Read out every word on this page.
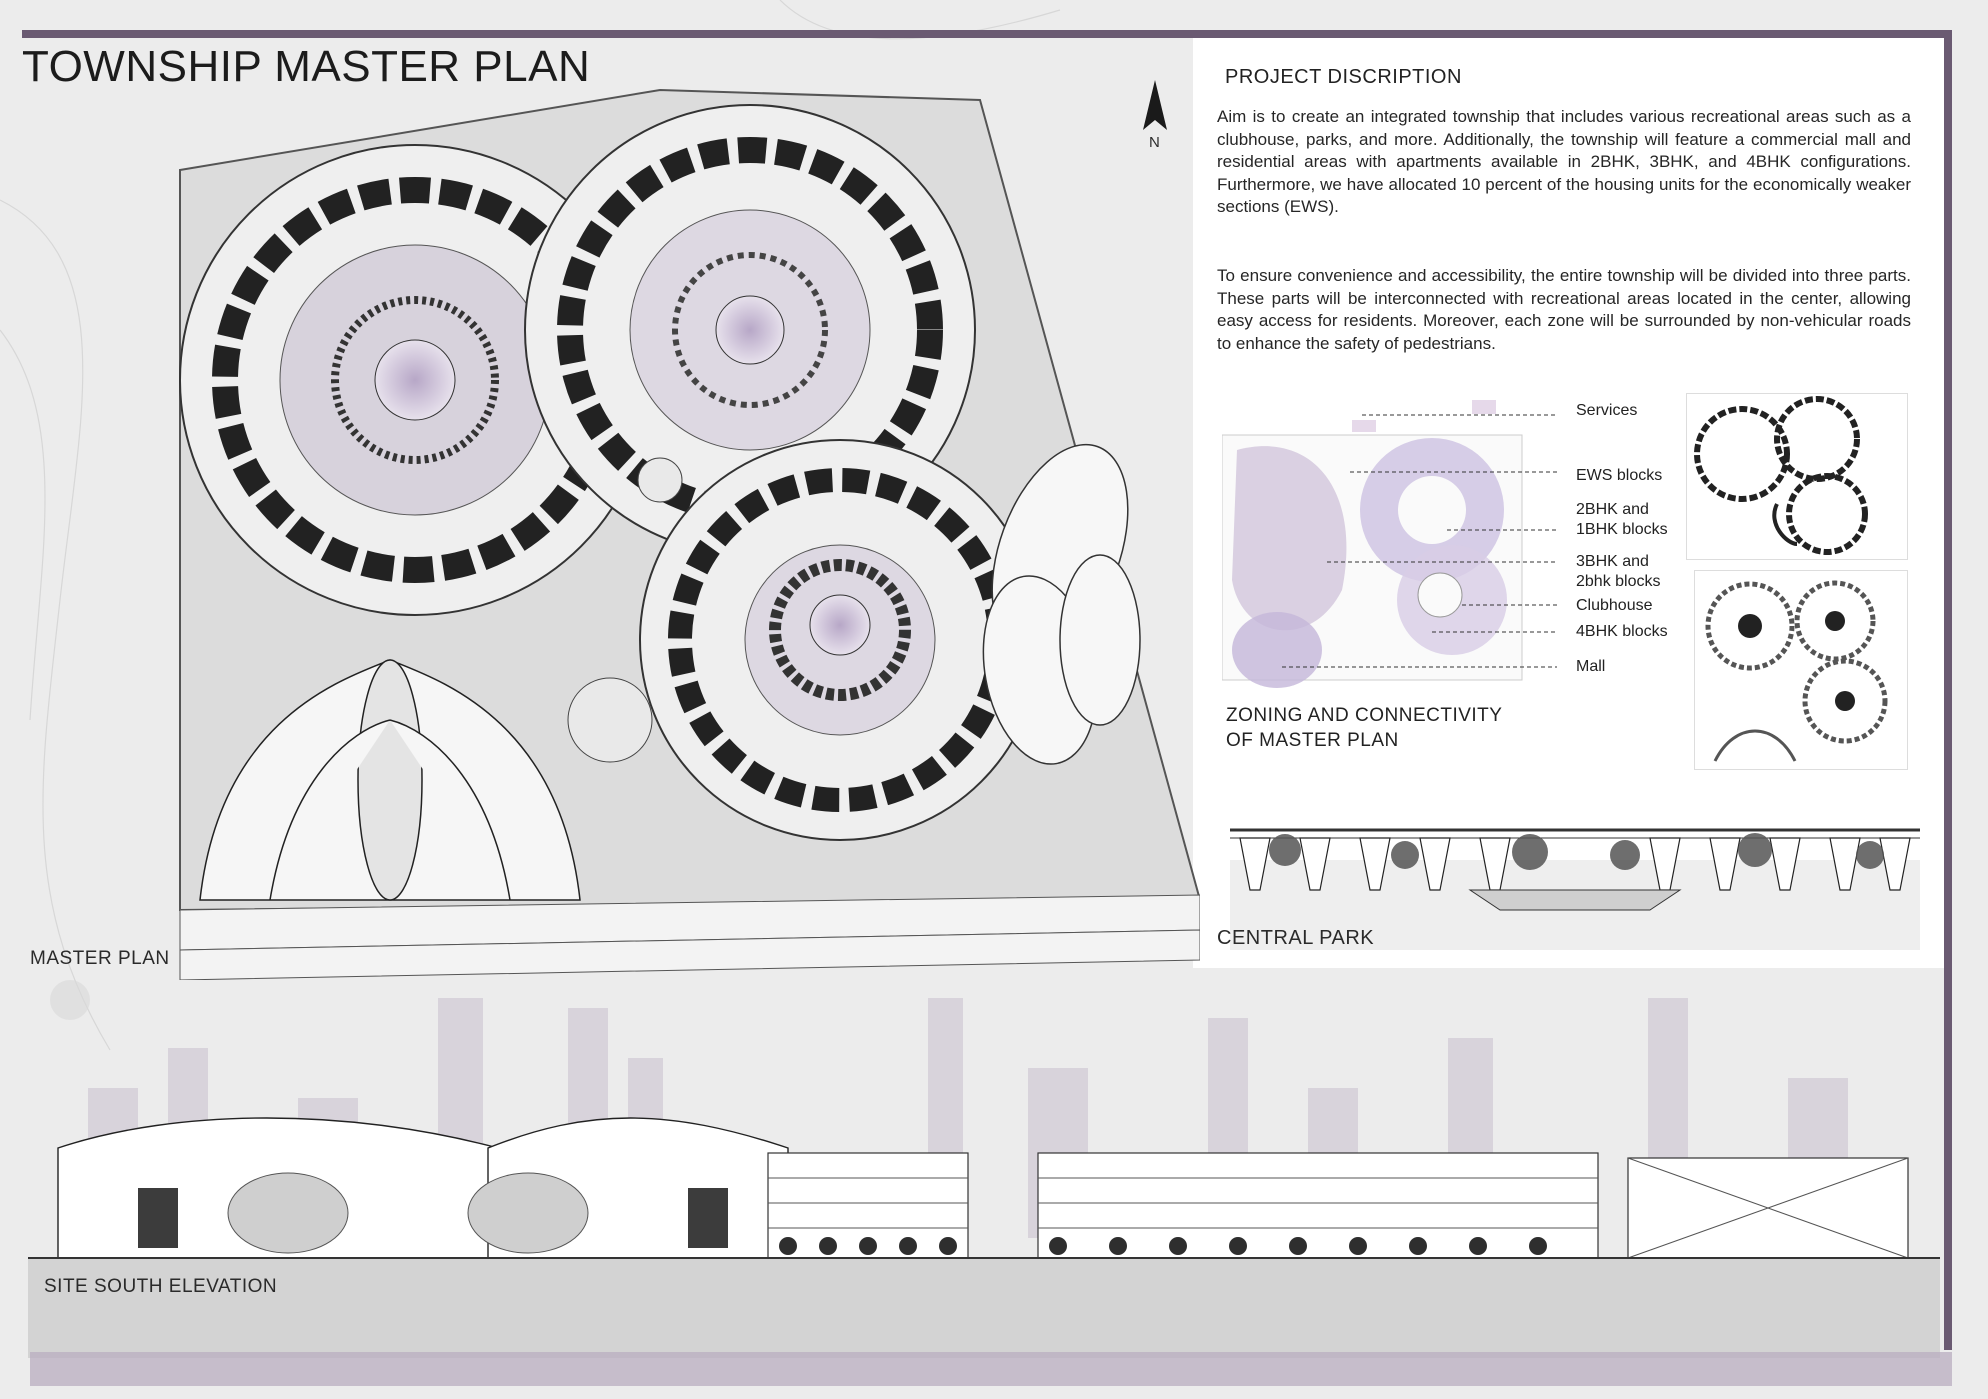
TOWNSHIP MASTER PLAN
N
MASTER PLAN
PROJECT DISCRIPTION

Aim is to create an integrated township that includes various recreational areas such as a clubhouse, parks, and more. Additionally, the township will feature a commercial mall and residential areas with apartments available in 2BHK, 3BHK, and 4BHK configurations. Furthermore, we have allocated 10 percent of the housing units for the economically weaker sections (EWS).

To ensure convenience and accessibility, the entire township will be divided into three parts. These parts will be interconnected with recreational areas located in the center, allowing easy access for residents. Moreover, each zone will be surrounded by non-vehicular roads to enhance the safety of pedestrians.

Services
EWS blocks
2BHK and
1BHK blocks
3BHK and
2bhk blocks
Clubhouse
4BHK blocks
Mall
ZONING AND CONNECTIVITY
OF MASTER PLAN
CENTRAL PARK
SITE SOUTH ELEVATION
